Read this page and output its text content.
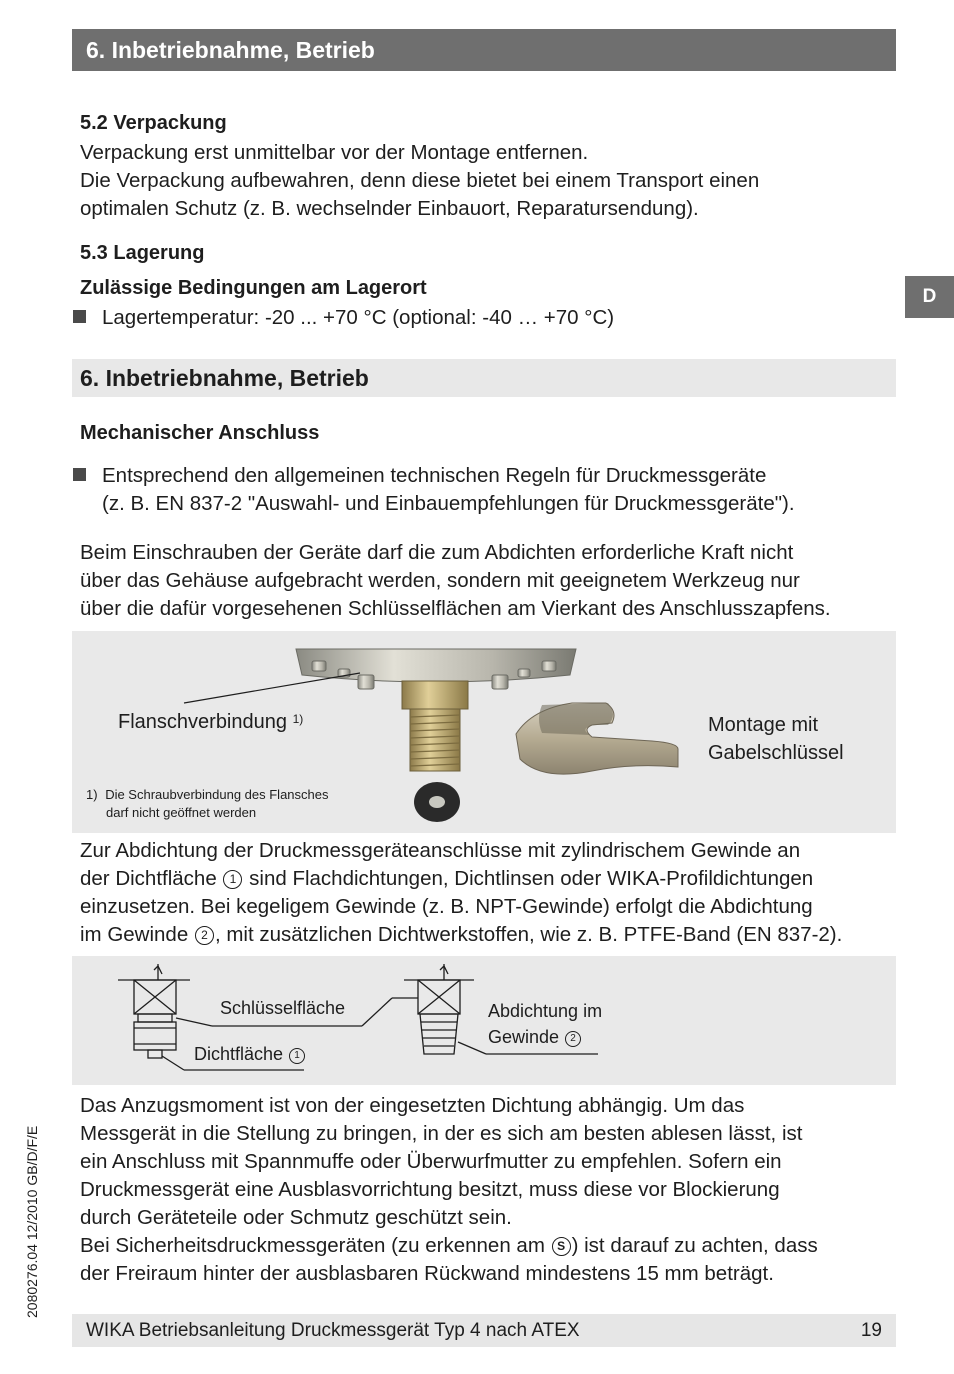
6. Inbetriebnahme, Betrieb
D
5.2 Verpackung
Verpackung erst unmittelbar vor der Montage entfernen.
Die Verpackung aufbewahren, denn diese bietet bei einem Transport einen
optimalen Schutz (z. B. wechselnder Einbauort, Reparatursendung).
5.3 Lagerung
Zulässige Bedingungen am Lagerort
Lagertemperatur: -20 ... +70 °C (optional: -40 … +70 °C)
6. Inbetriebnahme, Betrieb
Mechanischer Anschluss
Entsprechend den allgemeinen technischen Regeln für Druckmessgeräte
(z. B. EN 837-2 "Auswahl- und Einbauempfehlungen für Druckmessgeräte").
Beim Einschrauben der Geräte darf die zum Abdichten erforderliche Kraft nicht
über das Gehäuse aufgebracht werden, sondern mit geeignetem Werkzeug nur
über die dafür vorgesehenen Schlüsselflächen am Vierkant des Anschlusszapfens.
Flanschverbindung $^{1)}$	Montage mit
Gabelschlüssel
1) Die Schraubverbindung des Flansches
darf nicht geöffnet werden
Zur Abdichtung der Druckmessgeräteanschlüsse mit zylindrischem Gewinde an
der Dichtfläche 1 sind Flachdichtungen, Dichtlinsen oder WIKA-Profildichtungen
einzusetzen. Bei kegeligem Gewinde (z. B. NPT-Gewinde) erfolgt die Abdichtung
im Gewinde 2 , mit zusätzlichen Dichtwerkstoffen, wie z. B. PTFE-Band (EN 837-2).
Schlüsselfläche
Dichtfläche 1
Abdichtung im
Gewinde 2
Das Anzugsmoment ist von der eingesetzten Dichtung abhängig. Um das
Messgerät in die Stellung zu bringen, in der es sich am besten ablesen lässt, ist
ein Anschluss mit Spannmuffe oder Überwurfmutter zu empfehlen. Sofern ein
Druckmessgerät eine Ausblasvorrichtung besitzt, muss diese vor Blockierung
durch Geräteteile oder Schmutz geschützt sein.
Bei Sicherheitsdruckmessgeräten (zu erkennen am S ) ist darauf zu achten, dass
der Freiraum hinter der ausblasbaren Rückwand mindestens 15 mm beträgt.
2080276.04 12/2010 GB/D/F/E
WIKA Betriebsanleitung Druckmessgerät Typ 4 nach ATEX	19
